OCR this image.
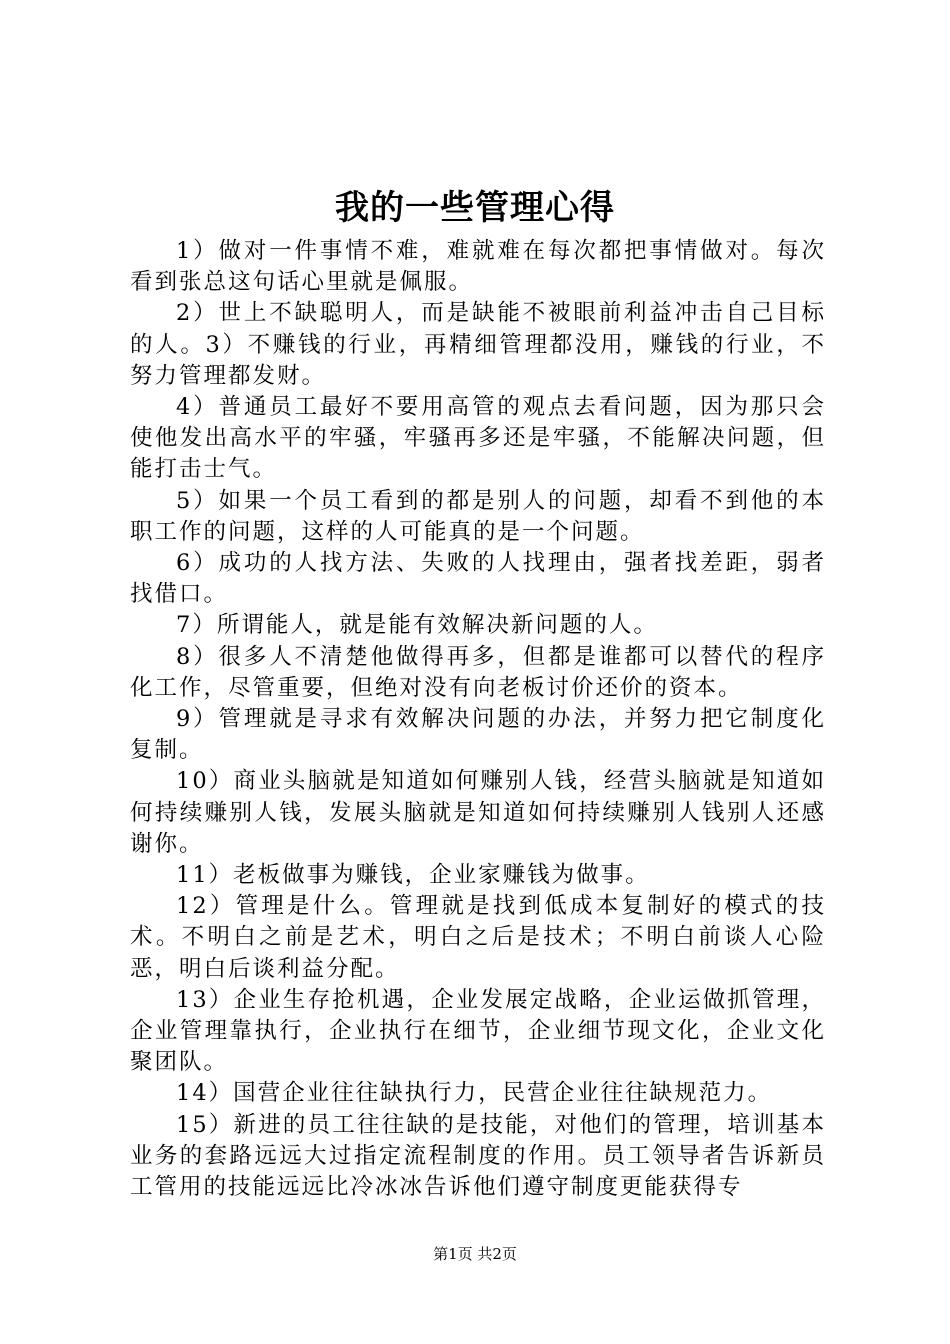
我的一些管理心得

1）做对一件事情不难，难就难在每次都把事情做对。每次看到张总这句话心里就是佩服。

2）世上不缺聪明人，而是缺能不被眼前利益冲击自己目标的人。3）不赚钱的行业，再精细管理都没用，赚钱的行业，不努力管理都发财。

4）普通员工最好不要用高管的观点去看问题，因为那只会使他发出高水平的牢骚，牢骚再多还是牢骚，不能解决问题，但能打击士气。

5）如果一个员工看到的都是别人的问题，却看不到他的本职工作的问题，这样的人可能真的是一个问题。

6）成功的人找方法、失败的人找理由，强者找差距，弱者找借口。

7）所谓能人，就是能有效解决新问题的人。

8）很多人不清楚他做得再多，但都是谁都可以替代的程序化工作，尽管重要，但绝对没有向老板讨价还价的资本。

9）管理就是寻求有效解决问题的办法，并努力把它制度化复制。

10）商业头脑就是知道如何赚别人钱，经营头脑就是知道如何持续赚别人钱，发展头脑就是知道如何持续赚别人钱别人还感谢你。

11）老板做事为赚钱，企业家赚钱为做事。

12）管理是什么。管理就是找到低成本复制好的模式的技术。不明白之前是艺术，明白之后是技术；不明白前谈人心险恶，明白后谈利益分配。

13）企业生存抢机遇，企业发展定战略，企业运做抓管理，企业管理靠执行，企业执行在细节，企业细节现文化，企业文化聚团队。

14）国营企业往往缺执行力，民营企业往往缺规范力。

15）新进的员工往往缺的是技能，对他们的管理，培训基本业务的套路远远大过指定流程制度的作用。员工领导者告诉新员工管用的技能远远比冷冰冰告诉他们遵守制度更能获得专

第1页 共2页
